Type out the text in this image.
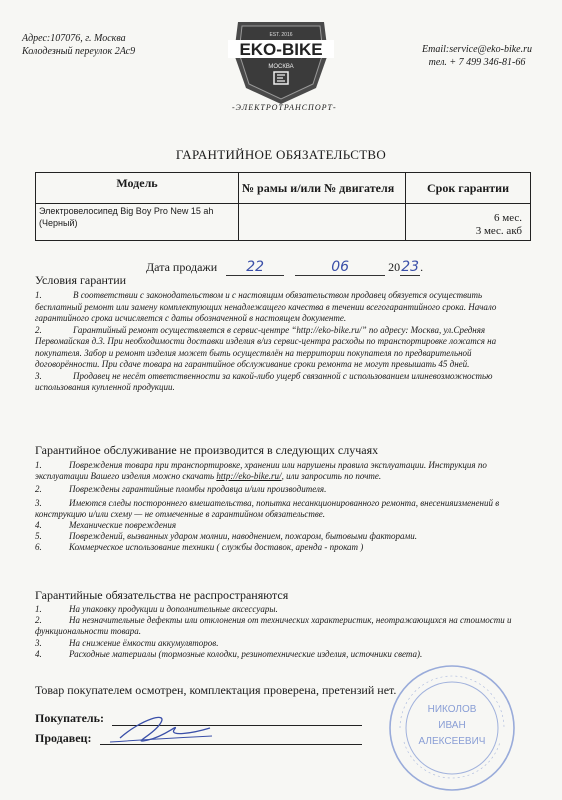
Адрес:107076, г. Москва
Колодезный переулок 2Ас9	Email:service@eko-bike.ru
тел. + 7 499 346-81-66
EST. 2016
EKO-BIKE
МОСКВА
-ЭЛЕКТРОТРАНСПОРТ-
ГАРАНТИЙНОЕ ОБЯЗАТЕЛЬСТВО
Модель	№ рамы и/или № двигателя	Срок гарантии
Электровелосипед Big Boy Pro New 15 ah (Черный)		6 мес.
3 мес. акб
Дата продажи 22	06	2023.
Условия гарантии
1.	В соответствии с законодательством и с настоящим обязательством продавец обязуется осуществить бесплатный ремонт или замену комплектующих ненадлежащего качества в течении всегогарантийного срока. Начало гарантийного срока исчисляется с даты обозначенной в настоящем документе.
2.	Гарантийный ремонт осуществляется в сервис-центре “http://eko-bike.ru/” по адресу: Москва, ул.Средняя Первомайская д.3. При необходимости доставки изделия в/из сервис-центра расходы по транспортировке ложатся на покупателя. Забор и ремонт изделия может быть осуществлён на территории покупателя по предварительной договорённости. При сдаче товара на гарантийное обслуживание сроки ремонта не могут превышать 45 дней.
3.	Продавец не несёт ответственности за какой-либо ущерб связанной с использованием илиневозможностью использования купленной продукции.
Гарантийное обслуживание не производится в следующих случаях
1.	Повреждения товара при транспортировке, хранении или нарушены правила эксплуатации. Инструкция по эксплуатации Вашего изделия можно скачать http://eko-bike.ru/, или запросить по почте.
2.	Повреждены гарантийные пломбы продавца и/или производителя.
3.	Имеются следы постороннего вмешательства, попытка несанкционированного ремонта, внесенияизменений в конструкцию и/или схему — не отмеченные в гарантийном обязательстве.
4.	Механические повреждения
5.	Повреждений, вызванных ударом молнии, наводнением, пожаром, бытовыми факторами.
6.	Коммерческое использование техники ( службы доставок, аренда - прокат )
Гарантийные обязательства не распространяются
1.	На упаковку продукции и дополнительные аксессуары.
2.	На незначительные дефекты или отклонения от технических характеристик, неотражающихся на стоимости и функциональности товара.
3.	На снижение ёмкости аккумуляторов.
4.	Расходные материалы (тормозные колодки, резинотехнические изделия, источники света).
Товар покупателем осмотрен, комплектация проверена, претензий нет.
Покупатель:
Продавец:
НИКОЛОВ
ИВАН
АЛЕКСЕЕВИЧ
